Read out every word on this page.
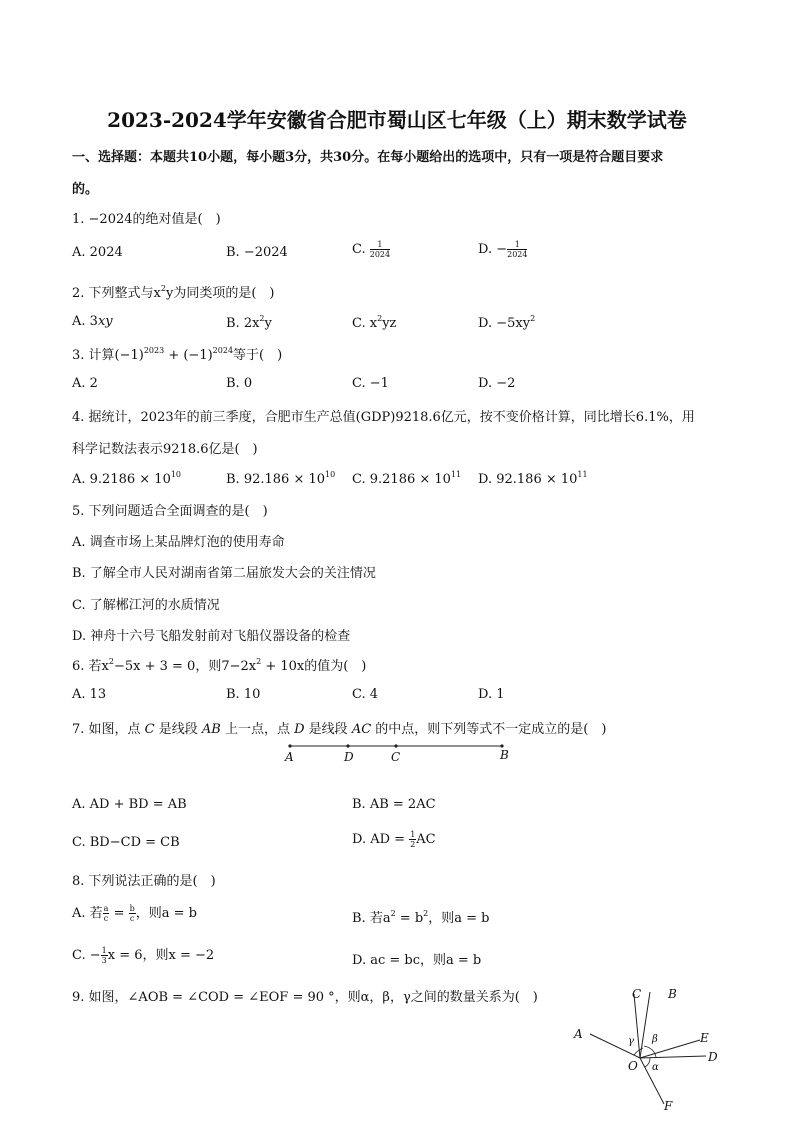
2023-2024学年安徽省合肥市蜀山区七年级（上）期末数学试卷
一、选择题：本题共10小题，每小题3分，共30分。在每小题给出的选项中，只有一项是符合题目要求
的。
1. −2024的绝对值是(　)
A. 2024	B. −2024	C. $\frac{1}{2024}$	D. − $\frac{1}{2024}$
2. 下列整式与$x^2y$为同类项的是(　)
A. 3xy	B. $2x^2y$	C. $x^2yz$	D. $-5xy^2$
3. 计算$(-1)^{2023} + (-1)^{2024}$等于(　)
A. 2	B. 0	C. −1	D. −2
4. 据统计，2023年的前三季度，合肥市生产总值(GDP)9218.6亿元，按不变价格计算，同比增长6.1%，用
科学记数法表示9218.6亿是(　)
A. $9.2186 \times 10^{10}$	B. $92.186 \times 10^{10}$ C. $9.2186 \times 10^{11}$ D. $92.186 \times 10^{11}$
5. 下列问题适合全面调查的是(　)
A. 调查市场上某品牌灯泡的使用寿命
B. 了解全市人民对湖南省第二届旅发大会的关注情况
C. 了解郴江河的水质情况
D. 神舟十六号飞船发射前对飞船仪器设备的检查
6. 若$x^2-5x + 3 = 0$，则$7-2x^2 + 10x$的值为(　)
A. 13	B. 10	C. 4	D. 1
7. 如图，点 C 是线段 AB 上一点，点 D 是线段 AC 的中点，则下列等式不一定成立的是(　)
A	D	C	B
A. AD + BD = AB	B. AB = 2AC
C. BD−CD = CB	D. AD = $\frac{1}{2}$ AC
8. 下列说法正确的是(　)
A. 若 $\frac{a}{c} = \frac{b}{c}$ ，则a = b	B. 若$a^2 = b^2$，则a = b
C. − $\frac{1}{3}$ x = 6，则x = −2	D. ac = bc，则a = b
9. 如图，∠AOB = ∠COD = ∠EOF = 90 °，则α，β，γ之间的数量关系为(　)
A
B
C
D
E
F
O α
β
γ
